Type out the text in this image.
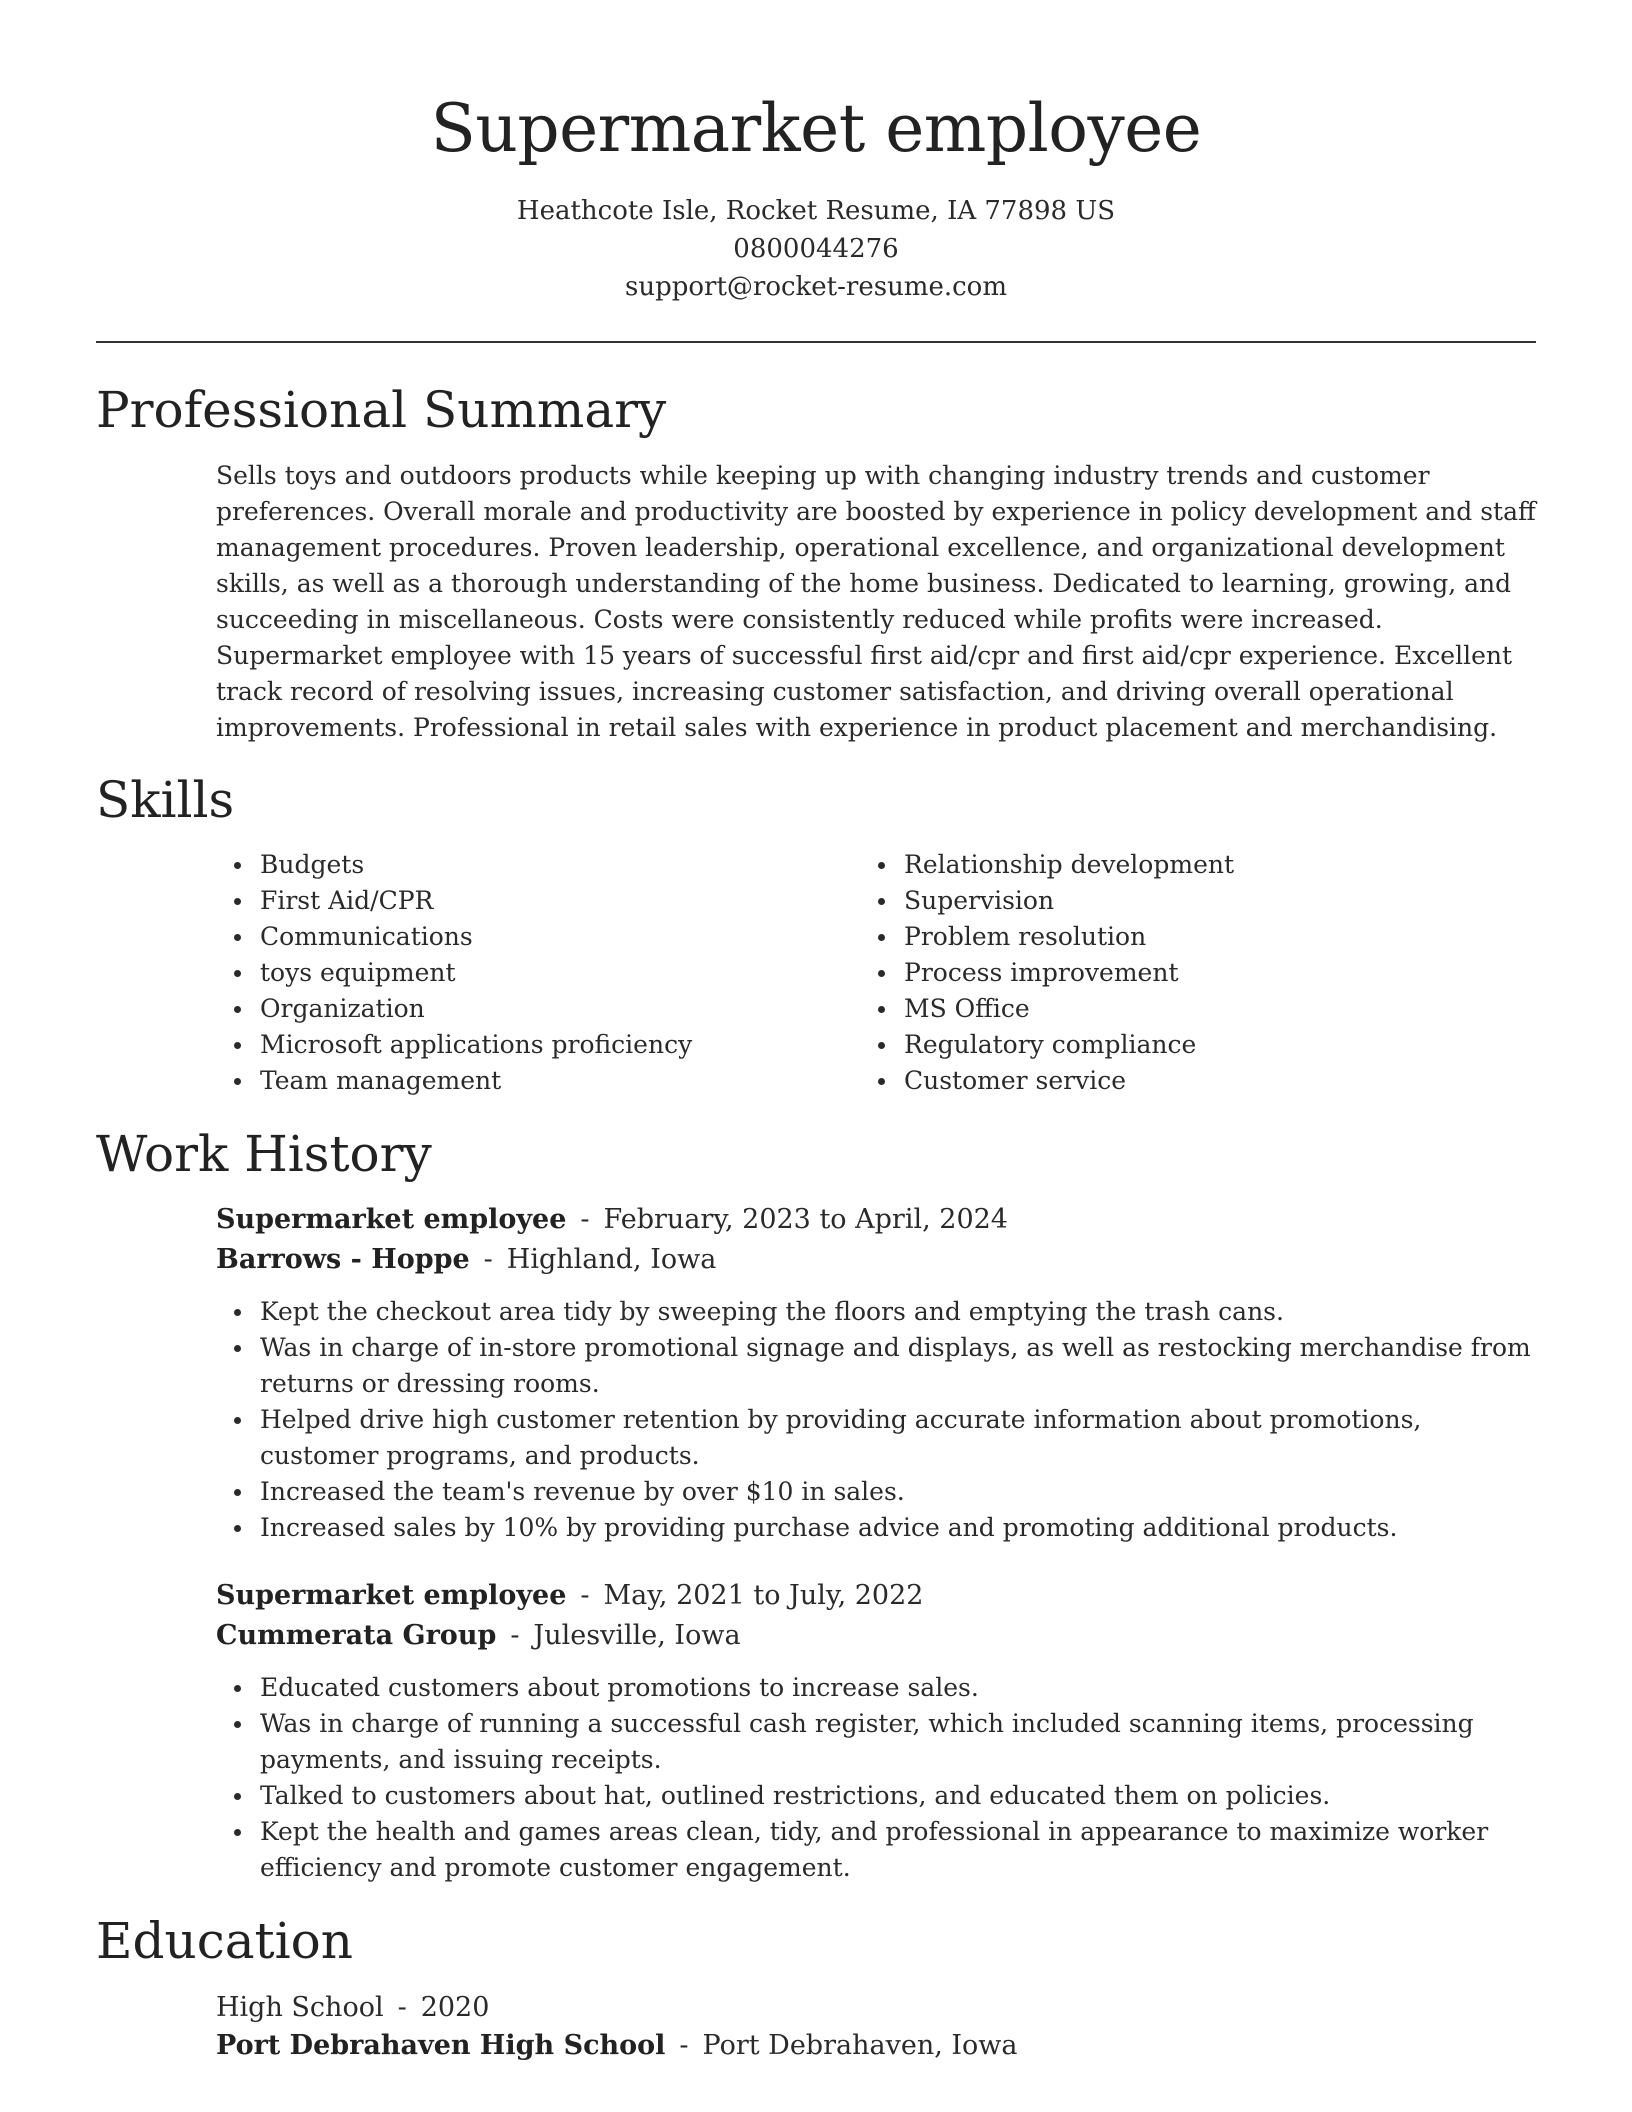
Supermarket employee
Heathcote Isle, Rocket Resume, IA 77898 US
0800044276
support@rocket-resume.com
Professional Summary

Sells toys and outdoors products while keeping up with changing industry trends and customer preferences. Overall morale and productivity are boosted by experience in policy development and staff management procedures. Proven leadership, operational excellence, and organizational development skills, as well as a thorough understanding of the home business. Dedicated to learning, growing, and succeeding in miscellaneous. Costs were consistently reduced while profits were increased. Supermarket employee with 15 years of successful first aid/cpr and first aid/cpr experience. Excellent track record of resolving issues, increasing customer satisfaction, and driving overall operational improvements. Professional in retail sales with experience in product placement and merchandising.

Skills
Budgets
First Aid/CPR
Communications
toys equipment
Organization
Microsoft applications proficiency
Team management
Relationship development
Supervision
Problem resolution
Process improvement
MS Office
Regulatory compliance
Customer service
Work History
Supermarket employee - February, 2023 to April, 2024
Barrows - Hoppe - Highland, Iowa
Kept the checkout area tidy by sweeping the floors and emptying the trash cans.
Was in charge of in-store promotional signage and displays, as well as restocking merchandise from returns or dressing rooms.
Helped drive high customer retention by providing accurate information about promotions, customer programs, and products.
Increased the team's revenue by over $10 in sales.
Increased sales by 10% by providing purchase advice and promoting additional products.
Supermarket employee - May, 2021 to July, 2022
Cummerata Group - Julesville, Iowa
Educated customers about promotions to increase sales.
Was in charge of running a successful cash register, which included scanning items, processing payments, and issuing receipts.
Talked to customers about hat, outlined restrictions, and educated them on policies.
Kept the health and games areas clean, tidy, and professional in appearance to maximize worker efficiency and promote customer engagement.
Education
High School - 2020
Port Debrahaven High School - Port Debrahaven, Iowa
